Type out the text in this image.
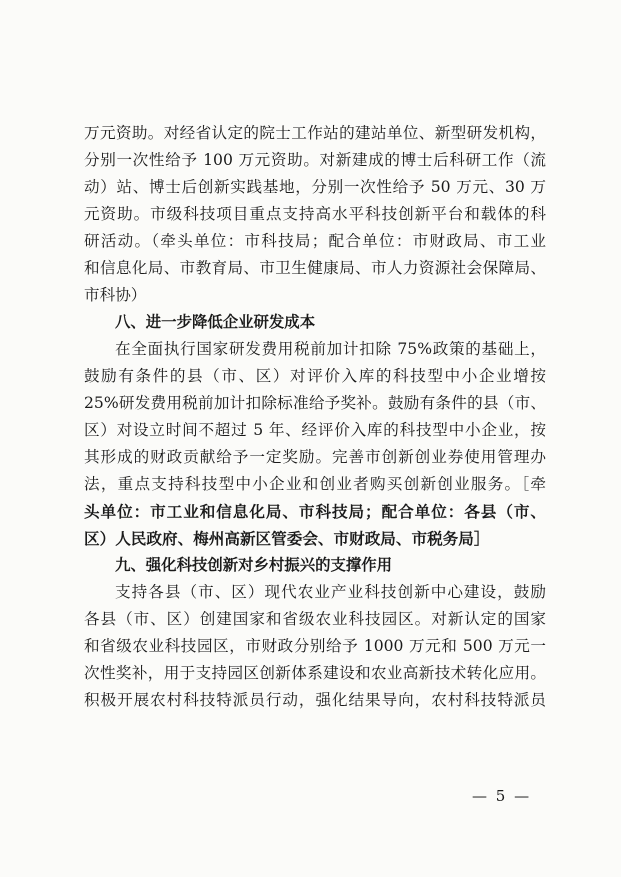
万元资助。对经省认定的院士工作站的建站单位、新型研发机构，
分别一次性给予 100 万元资助。对新建成的博士后科研工作（流
动）站、博士后创新实践基地，分别一次性给予 50 万元、30 万
元资助。市级科技项目重点支持高水平科技创新平台和载体的科
研活动。（牵头单位：市科技局；配合单位：市财政局、市工业
和信息化局、市教育局、市卫生健康局、市人力资源社会保障局、
市科协）
八、进一步降低企业研发成本
在全面执行国家研发费用税前加计扣除 75%政策的基础上，
鼓励有条件的县（市、区）对评价入库的科技型中小企业增按
25%研发费用税前加计扣除标准给予奖补。鼓励有条件的县（市、
区）对设立时间不超过 5 年、经评价入库的科技型中小企业，按
其形成的财政贡献给予一定奖励。完善市创新创业券使用管理办
法，重点支持科技型中小企业和创业者购买创新创业服务。［牵
头单位：市工业和信息化局、市科技局；配合单位：各县（市、
区）人民政府、梅州高新区管委会、市财政局、市税务局］
九、强化科技创新对乡村振兴的支撑作用
支持各县（市、区）现代农业产业科技创新中心建设，鼓励
各县（市、区）创建国家和省级农业科技园区。对新认定的国家
和省级农业科技园区，市财政分别给予 1000 万元和 500 万元一
次性奖补，用于支持园区创新体系建设和农业高新技术转化应用。
积极开展农村科技特派员行动，强化结果导向，农村科技特派员
— 5 —
